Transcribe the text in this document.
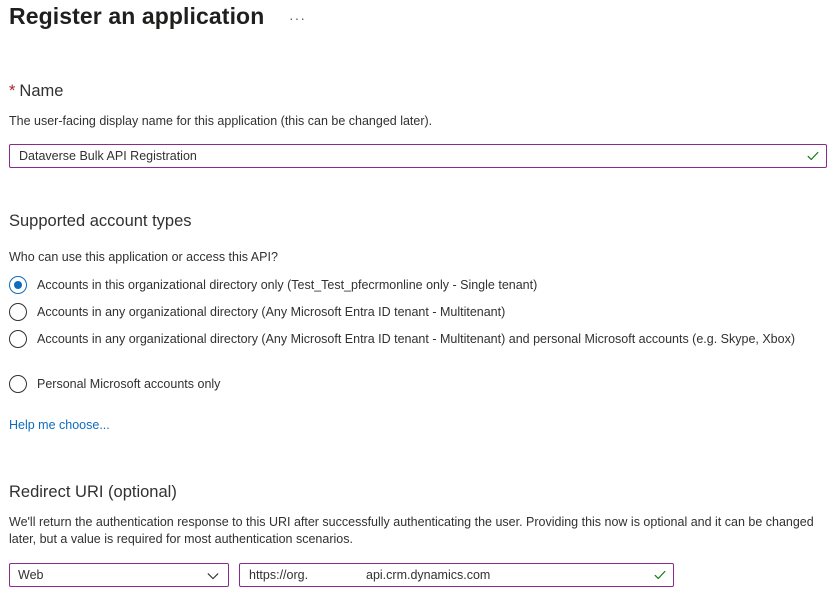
Register an application ···
* Name
The user-facing display name for this application (this can be changed later).
Dataverse Bulk API Registration
Supported account types
Who can use this application or access this API?
Accounts in this organizational directory only (Test_Test_pfecrmonline only - Single tenant)
Accounts in any organizational directory (Any Microsoft Entra ID tenant - Multitenant)
Accounts in any organizational directory (Any Microsoft Entra ID tenant - Multitenant) and personal Microsoft accounts (e.g. Skype, Xbox)
Personal Microsoft accounts only
Help me choose...
Redirect URI (optional)
We'll return the authentication response to this URI after successfully authenticating the user. Providing this now is optional and it can be changed later, but a value is required for most authentication scenarios.
Web	https://org.	api.crm.dynamics.com
